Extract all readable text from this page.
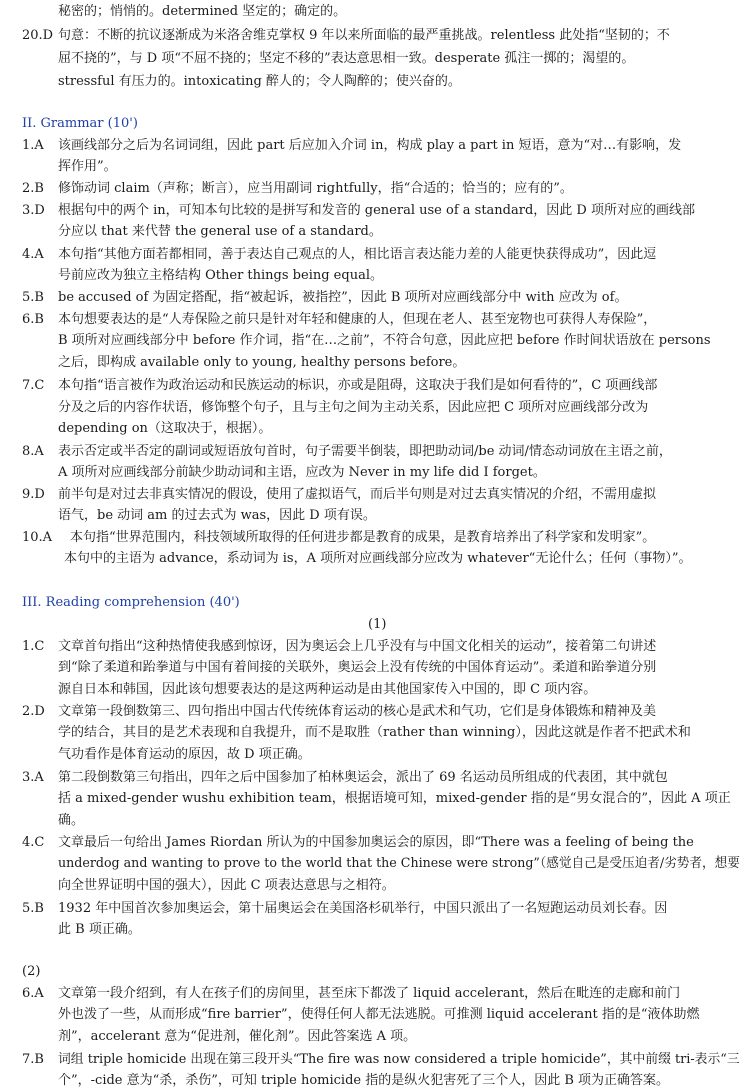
秘密的；悄悄的。determined 坚定的；确定的。
20.D 句意：不断的抗议逐渐成为米洛舍维克掌权 9 年以来所面临的最严重挑战。relentless 此处指“坚韧的；不
屈不挠的”，与 D 项“不屈不挠的；坚定不移的”表达意思相一致。desperate 孤注一掷的；渴望的。
stressful 有压力的。intoxicating 醉人的；令人陶醉的；使兴奋的。
II. Grammar (10')
1.A 该画线部分之后为名词词组，因此 part 后应加入介词 in，构成 play a part in 短语，意为“对…有影响，发
挥作用”。
2.B 修饰动词 claim（声称；断言），应当用副词 rightfully，指“合适的；恰当的；应有的”。
3.D 根据句中的两个 in，可知本句比较的是拼写和发音的 general use of a standard，因此 D 项所对应的画线部
分应以 that 来代替 the general use of a standard。
4.A 本句指“其他方面若都相同，善于表达自己观点的人，相比语言表达能力差的人能更快获得成功”，因此逗
号前应改为独立主格结构 Other things being equal。
5.B be accused of 为固定搭配，指“被起诉，被指控”，因此 B 项所对应画线部分中 with 应改为 of。
6.B 本句想要表达的是“人寿保险之前只是针对年轻和健康的人，但现在老人、甚至宠物也可获得人寿保险”，
B 项所对应画线部分中 before 作介词，指“在…之前”，不符合句意，因此应把 before 作时间状语放在 persons
之后，即构成 available only to young, healthy persons before。
7.C 本句指“语言被作为政治运动和民族运动的标识，亦或是阻碍，这取决于我们是如何看待的”，C 项画线部
分及之后的内容作状语，修饰整个句子，且与主句之间为主动关系，因此应把 C 项所对应画线部分改为
depending on（这取决于，根据）。
8.A 表示否定或半否定的副词或短语放句首时，句子需要半倒装，即把助动词/be 动词/情态动词放在主语之前，
A 项所对应画线部分前缺少助动词和主语，应改为 Never in my life did I forget。
9.D 前半句是对过去非真实情况的假设，使用了虚拟语气，而后半句则是对过去真实情况的介绍，不需用虚拟
语气，be 动词 am 的过去式为 was，因此 D 项有误。
10.A 本句指“世界范围内，科技领域所取得的任何进步都是教育的成果，是教育培养出了科学家和发明家”。
本句中的主语为 advance，系动词为 is，A 项所对应画线部分应改为 whatever“无论什么；任何（事物）”。
III. Reading comprehension (40')
(1)
1.C 文章首句指出“这种热情使我感到惊讶，因为奥运会上几乎没有与中国文化相关的运动”，接着第二句讲述
到“除了柔道和跆拳道与中国有着间接的关联外，奥运会上没有传统的中国体育运动”。柔道和跆拳道分别
源自日本和韩国，因此该句想要表达的是这两种运动是由其他国家传入中国的，即 C 项内容。
2.D 文章第一段倒数第三、四句指出中国古代传统体育运动的核心是武术和气功，它们是身体锻炼和精神及美
学的结合，其目的是艺术表现和自我提升，而不是取胜（rather than winning），因此这就是作者不把武术和
气功看作是体育运动的原因，故 D 项正确。
3.A 第二段倒数第三句指出，四年之后中国参加了柏林奥运会，派出了 69 名运动员所组成的代表团，其中就包
括 a mixed-gender wushu exhibition team，根据语境可知，mixed-gender 指的是“男女混合的”，因此 A 项正
确。
4.C 文章最后一句给出 James Riordan 所认为的中国参加奥运会的原因，即“There was a feeling of being the
underdog and wanting to prove to the world that the Chinese were strong”（感觉自己是受压迫者/劣势者，想要
向全世界证明中国的强大），因此 C 项表达意思与之相符。
5.B 1932 年中国首次参加奥运会，第十届奥运会在美国洛杉矶举行，中国只派出了一名短跑运动员刘长春。因
此 B 项正确。
(2)
6.A 文章第一段介绍到，有人在孩子们的房间里，甚至床下都泼了 liquid accelerant，然后在毗连的走廊和前门
外也泼了一些，从而形成“fire barrier”，使得任何人都无法逃脱。可推测 liquid accelerant 指的是“液体助燃
剂”，accelerant 意为“促进剂，催化剂”。因此答案选 A 项。
7.B 词组 triple homicide 出现在第三段开头“The fire was now considered a triple homicide”，其中前缀 tri-表示“三
个”，-cide 意为“杀，杀伤”，可知 triple homicide 指的是纵火犯害死了三个人，因此 B 项为正确答案。
